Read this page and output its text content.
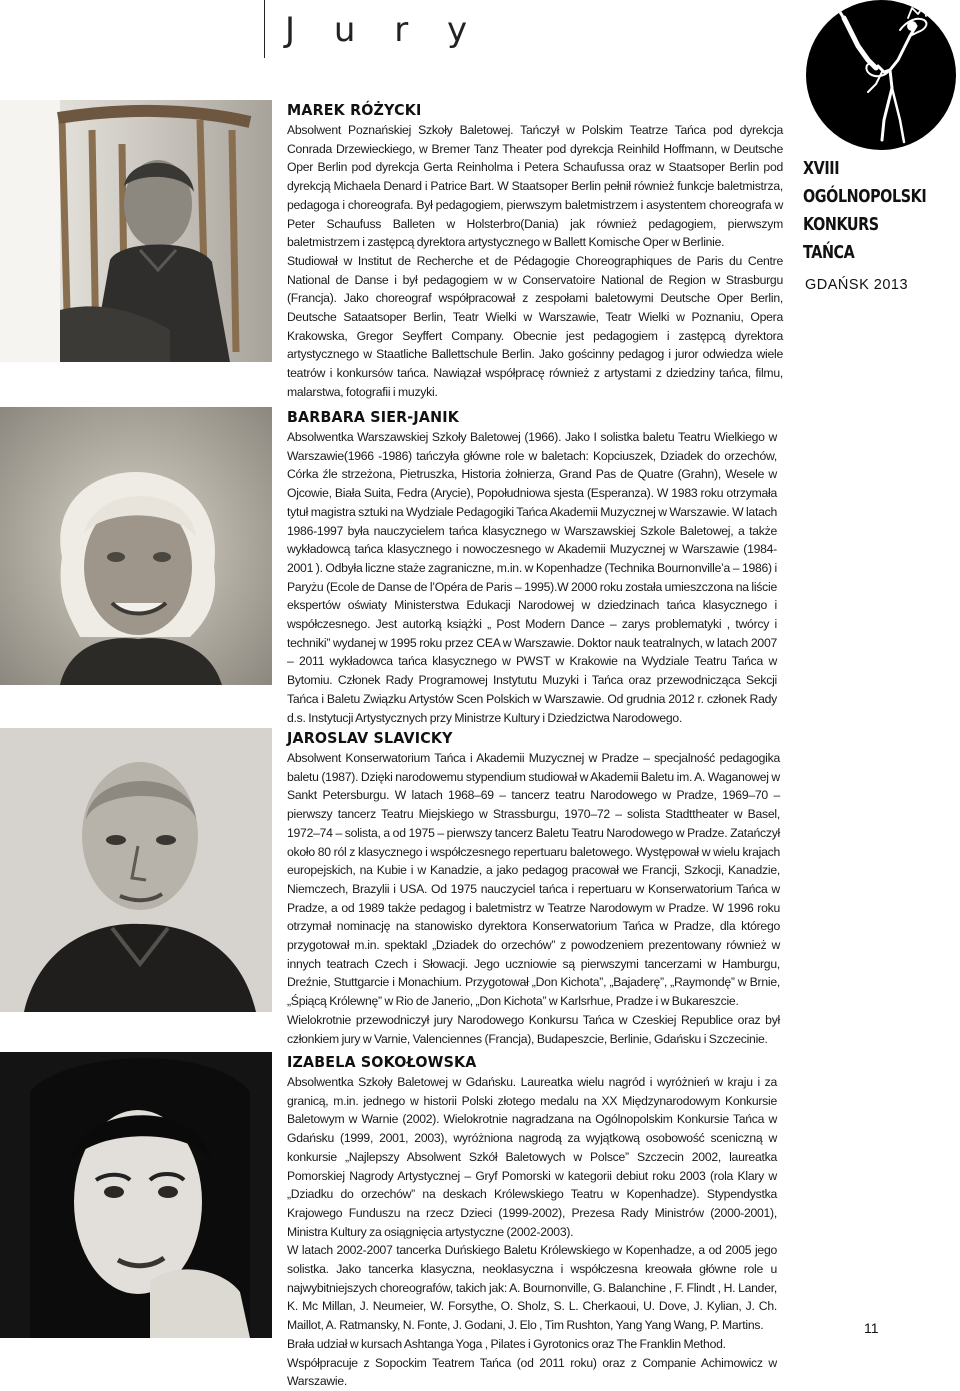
J u r y
XVIII
OGÓLNOPOLSKI
KONKURS
TAŃCA
GDAŃSK 2013
MAREK RÓŻYCKI

Absolwent Poznańskiej Szkoły Baletowej. Tańczył w Polskim Teatrze Tańca pod dyrekcja Conrada Drzewieckiego, w Bremer Tanz Theater pod dyrekcja Reinhild Hoffmann, w Deutsche Oper Berlin pod dyrekcja Gerta Reinholma i Petera Schaufussa oraz w Staatsoper Berlin pod dyrekcją Michaela Denard i Patrice Bart. W Staatsoper Berlin pełnił również funkcje baletmistrza, pedagoga i choreografa. Był pedagogiem, pierwszym baletmistrzem i asystentem choreografa w Peter Schaufuss Balleten w Holsterbro(Dania) jak również pedagogiem, pierwszym baletmistrzem i zastępcą dyrektora artystycznego w Ballett Komische Oper w Berlinie.

Studiował w Institut de Recherche et de Pédagogie Choreographiques de Paris du Centre National de Danse i był pedagogiem w w Conservatoire National de Region w Strasburgu (Francja). Jako choreograf współpracował z zespołami baletowymi Deutsche Oper Berlin, Deutsche Sataatsoper Berlin, Teatr Wielki w Warszawie, Teatr Wielki w Poznaniu, Opera Krakowska, Gregor Seyffert Company. Obecnie jest pedagogiem i zastępcą dyrektora artystycznego w Staatliche Ballettschule Berlin. Jako gościnny pedagog i juror odwiedza wiele teatrów i konkursów tańca. Nawiązał współpracę również z artystami z dziedziny tańca, filmu, malarstwa, fotografii i muzyki.

BARBARA SIER-JANIK

Absolwentka Warszawskiej Szkoły Baletowej (1966). Jako I solistka baletu Teatru Wielkiego w Warszawie(1966 -1986) tańczyła główne role w baletach: Kopciuszek, Dziadek do orzechów, Córka źle strzeżona, Pietruszka, Historia żołnierza, Grand Pas de Quatre (Grahn), Wesele w Ojcowie, Biała Suita, Fedra (Arycie), Popołudniowa sjesta (Esperanza). W 1983 roku otrzymała tytuł magistra sztuki na Wydziale Pedagogiki Tańca Akademii Muzycznej w Warszawie. W latach 1986-1997 była nauczycielem tańca klasycznego w Warszawskiej Szkole Baletowej, a także wykładowcą tańca klasycznego i nowoczesnego w Akademii Muzycznej w Warszawie (1984-2001 ). Odbyła liczne staże zagraniczne, m.in. w Kopenhadze (Technika Bournonville’a – 1986) i Paryżu (Ecole de Danse de l’Opéra de Paris – 1995).W 2000 roku została umieszczona na liście ekspertów oświaty Ministerstwa Edukacji Narodowej w dziedzinach tańca klasycznego i współczesnego. Jest autorką książki „ Post Modern Dance – zarys problematyki , twórcy i techniki” wydanej w 1995 roku przez CEA w Warszawie. Doktor nauk teatralnych, w latach 2007 – 2011 wykładowca tańca klasycznego w PWST w Krakowie na Wydziale Teatru Tańca w Bytomiu. Członek Rady Programowej Instytutu Muzyki i Tańca oraz przewodnicząca Sekcji Tańca i Baletu Związku Artystów Scen Polskich w Warszawie. Od grudnia 2012 r. członek Rady d.s. Instytucji Artystycznych przy Ministrze Kultury i Dziedzictwa Narodowego.

JAROSLAV SLAVICKY

Absolwent Konserwatorium Tańca i Akademii Muzycznej w Pradze – specjalność pedagogika baletu (1987). Dzięki narodowemu stypendium studiował w Akademii Baletu im. A. Waganowej w Sankt Petersburgu. W latach 1968–69 – tancerz teatru Narodowego w Pradze, 1969–70 – pierwszy tancerz Teatru Miejskiego w Strassburgu, 1970–72 – solista Stadttheater w Basel, 1972–74 – solista, a od 1975 – pierwszy tancerz Baletu Teatru Narodowego w Pradze. Zatańczył około 80 ról z klasycznego i współczesnego repertuaru baletowego. Występował w wielu krajach europejskich, na Kubie i w Kanadzie, a jako pedagog pracował we Francji, Szkocji, Kanadzie, Niemczech, Brazylii i USA. Od 1975 nauczyciel tańca i repertuaru w Konserwatorium Tańca w Pradze, a od 1989 także pedagog i baletmistrz w Teatrze Narodowym w Pradze. W 1996 roku otrzymał nominację na stanowisko dyrektora Konserwatorium Tańca w Pradze, dla którego przygotował m.in. spektakl „Dziadek do orzechów” z powodzeniem prezentowany również w innych teatrach Czech i Słowacji. Jego uczniowie są pierwszymi tancerzami w Hamburgu, Dreźnie, Stuttgarcie i Monachium. Przygotował „Don Kichota”, „Bajaderę”, „Raymondę” w Brnie, „Śpiącą Królewnę” w Rio de Janerio, „Don Kichota” w Karlsrhue, Pradze i w Bukareszcie.

Wielokrotnie przewodniczył jury Narodowego Konkursu Tańca w Czeskiej Republice oraz był członkiem jury w Varnie, Valenciennes (Francja), Budapeszcie, Berlinie, Gdańsku i Szczecinie.

IZABELA SOKOŁOWSKA

Absolwentka Szkoły Baletowej w Gdańsku. Laureatka wielu nagród i wyróżnień w kraju i za granicą, m.in. jednego w historii Polski złotego medalu na XX Międzynarodowym Konkursie Baletowym w Warnie (2002). Wielokrotnie nagradzana na Ogólnopolskim Konkursie Tańca w Gdańsku (1999, 2001, 2003), wyróżniona nagrodą za wyjątkową osobowość sceniczną w konkursie „Najlepszy Absolwent Szkół Baletowych w Polsce” Szczecin 2002, laureatka Pomorskiej Nagrody Artystycznej – Gryf Pomorski w kategorii debiut roku 2003 (rola Klary w „Dziadku do orzechów” na deskach Królewskiego Teatru w Kopenhadze). Stypendystka Krajowego Funduszu na rzecz Dzieci (1999-2002), Prezesa Rady Ministrów (2000-2001), Ministra Kultury za osiągnięcia artystyczne (2002-2003).

W latach 2002-2007 tancerka Duńskiego Baletu Królewskiego w Kopenhadze, a od 2005 jego solistka. Jako tancerka klasyczna, neoklasyczna i współczesna kreowała główne role u najwybitniejszych choreografów, takich jak: A. Bournonville, G. Balanchine , F. Flindt , H. Lander, K. Mc Millan, J. Neumeier, W. Forsythe, O. Sholz, S. L. Cherkaoui, U. Dove, J. Kylian, J. Ch. Maillot, A. Ratmansky, N. Fonte, J. Godani, J. Elo , Tim Rushton, Yang Yang Wang, P. Martins.

Brała udział w kursach Ashtanga Yoga , Pilates i Gyrotonics oraz The Franklin Method.

Współpracuje z Sopockim Teatrem Tańca (od 2011 roku) oraz z Companie Achimowicz w Warszawie.

11
